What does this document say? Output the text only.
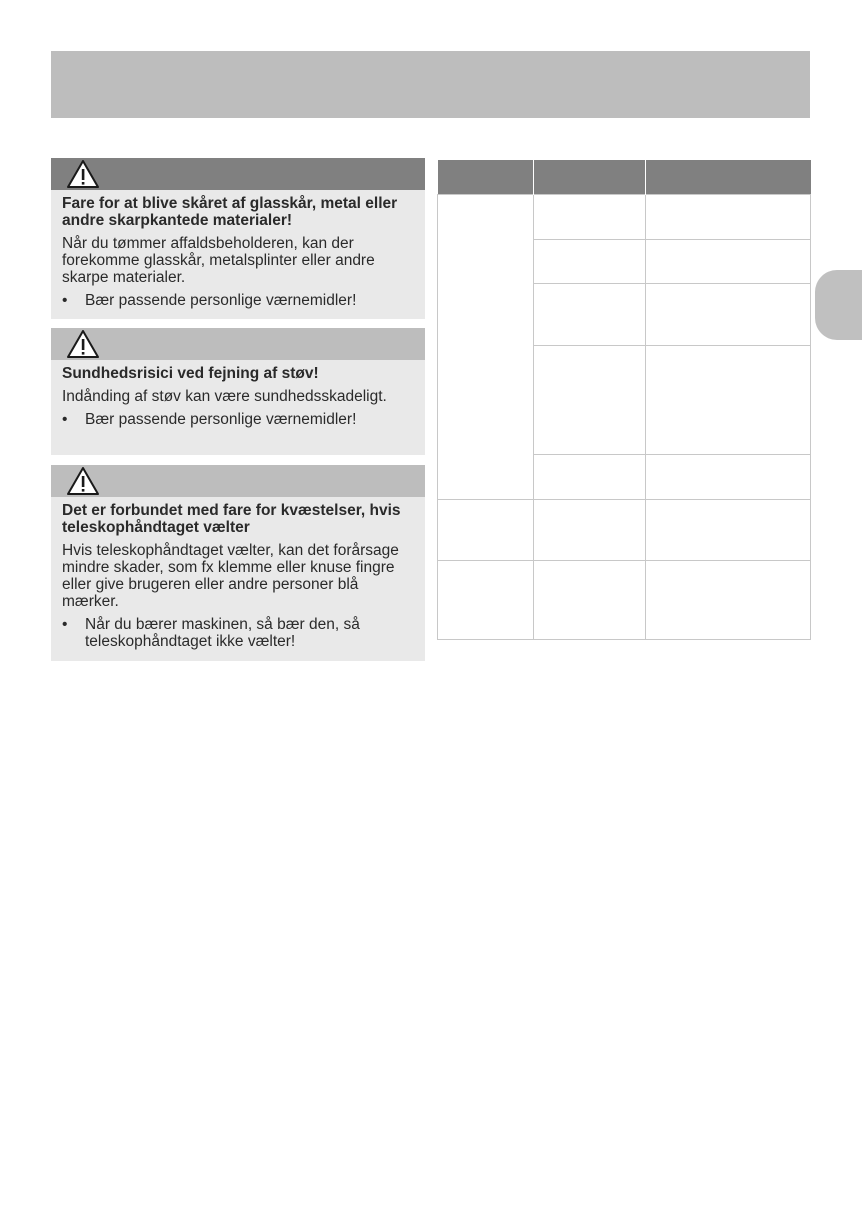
Fare for at blive skåret af glasskår, metal eller andre skarpkantede materialer!

Når du tømmer affaldsbeholderen, kan der forekomme glasskår, metalsplinter eller andre skarpe materialer.

• Bær passende personlige værnemidler!

Sundhedsrisici ved fejning af støv!

Indånding af støv kan være sundhedsskadeligt.

• Bær passende personlige værnemidler!

Det er forbundet med fare for kvæstelser, hvis teleskophåndtaget vælter

Hvis teleskophåndtaget vælter, kan det forårsage mindre skader, som fx klemme eller knuse fingre eller give brugeren eller andre personer blå mærker.

• Når du bærer maskinen, så bær den, så teleskophåndtaget ikke vælter!
